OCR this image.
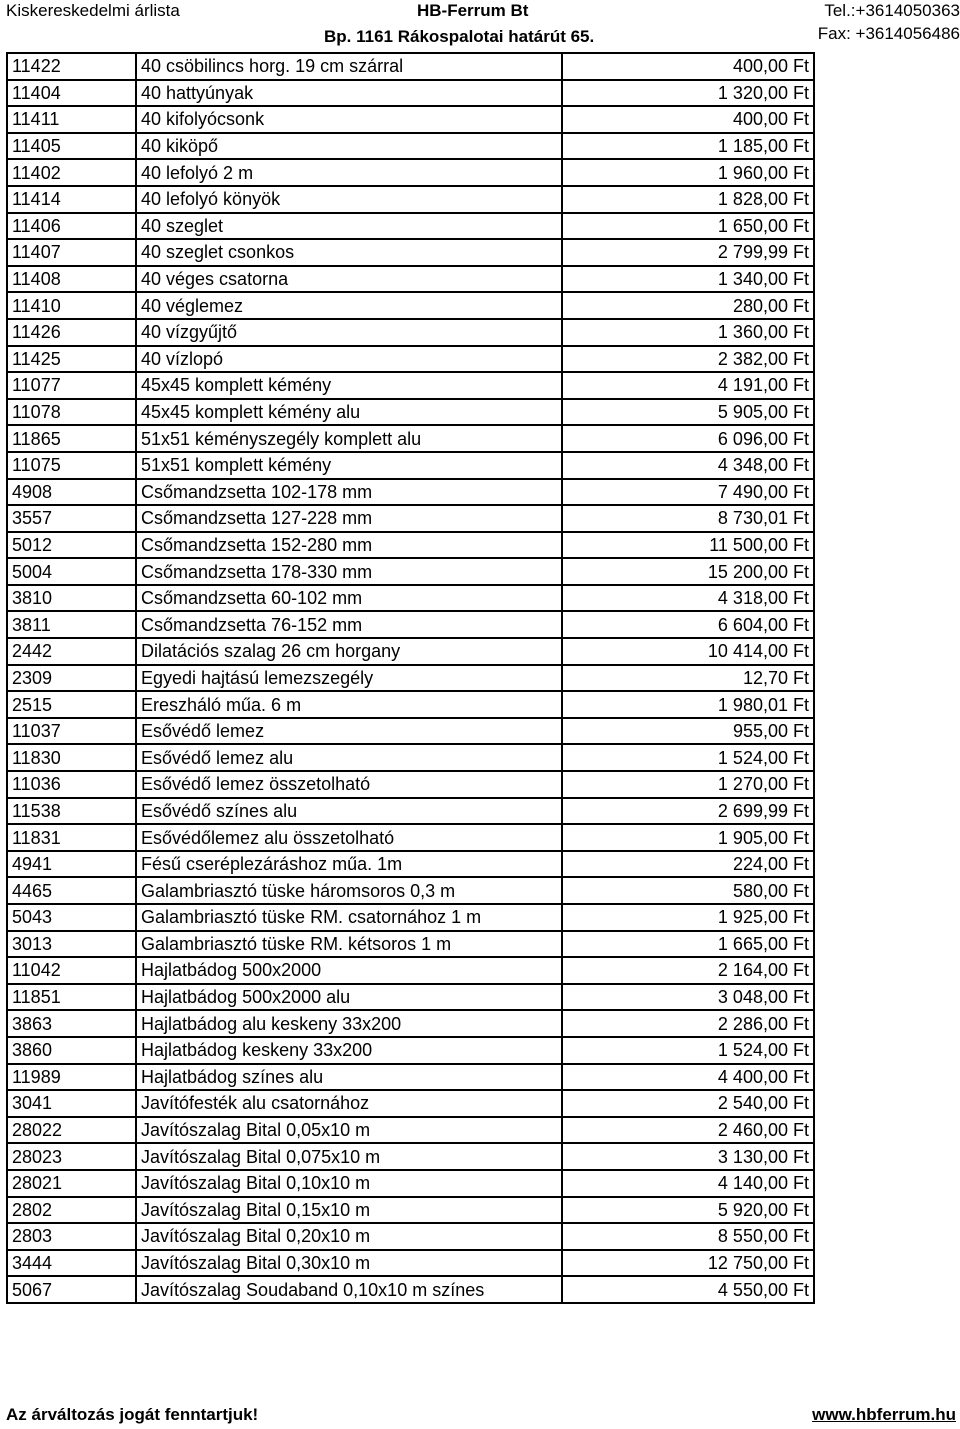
Kiskereskedelmi árlista	HB-Ferrum Bt
Bp. 1161 Rákospalotai határút 65.
Tel.:+3614050363
Fax: +3614056486
11422	40 csöbilincs horg. 19 cm szárral	400,00 Ft
11404	40 hattyúnyak	1 320,00 Ft
11411	40 kifolyócsonk	400,00 Ft
11405	40 kiköpő	1 185,00 Ft
11402	40 lefolyó 2 m	1 960,00 Ft
11414	40 lefolyó könyök	1 828,00 Ft
11406	40 szeglet	1 650,00 Ft
11407	40 szeglet csonkos	2 799,99 Ft
11408	40 véges csatorna	1 340,00 Ft
11410	40 véglemez	280,00 Ft
11426	40 vízgyűjtő	1 360,00 Ft
11425	40 vízlopó	2 382,00 Ft
11077	45x45 komplett kémény	4 191,00 Ft
11078	45x45 komplett kémény alu	5 905,00 Ft
11865	51x51 kéményszegély komplett alu	6 096,00 Ft
11075	51x51 komplett kémény	4 348,00 Ft
4908	Csőmandzsetta 102-178 mm	7 490,00 Ft
3557	Csőmandzsetta 127-228 mm	8 730,01 Ft
5012	Csőmandzsetta 152-280 mm	11 500,00 Ft
5004	Csőmandzsetta 178-330 mm	15 200,00 Ft
3810	Csőmandzsetta 60-102 mm	4 318,00 Ft
3811	Csőmandzsetta 76-152 mm	6 604,00 Ft
2442	Dilatációs szalag 26 cm horgany	10 414,00 Ft
2309	Egyedi hajtású lemezszegély	12,70 Ft
2515	Ereszháló műa. 6 m	1 980,01 Ft
11037	Esővédő lemez	955,00 Ft
11830	Esővédő lemez alu	1 524,00 Ft
11036	Esővédő lemez összetolható	1 270,00 Ft
11538	Esővédő színes alu	2 699,99 Ft
11831	Esővédőlemez alu összetolható	1 905,00 Ft
4941	Fésű cseréplezáráshoz műa. 1m	224,00 Ft
4465	Galambriasztó tüske háromsoros 0,3 m	580,00 Ft
5043	Galambriasztó tüske RM. csatornához 1 m	1 925,00 Ft
3013	Galambriasztó tüske RM. kétsoros 1 m	1 665,00 Ft
11042	Hajlatbádog 500x2000	2 164,00 Ft
11851	Hajlatbádog 500x2000 alu	3 048,00 Ft
3863	Hajlatbádog alu keskeny 33x200	2 286,00 Ft
3860	Hajlatbádog keskeny 33x200	1 524,00 Ft
11989	Hajlatbádog színes alu	4 400,00 Ft
3041	Javítófesték alu csatornához	2 540,00 Ft
28022	Javítószalag Bital 0,05x10 m	2 460,00 Ft
28023	Javítószalag Bital 0,075x10 m	3 130,00 Ft
28021	Javítószalag Bital 0,10x10 m	4 140,00 Ft
2802	Javítószalag Bital 0,15x10 m	5 920,00 Ft
2803	Javítószalag Bital 0,20x10 m	8 550,00 Ft
3444	Javítószalag Bital 0,30x10 m	12 750,00 Ft
5067	Javítószalag Soudaband 0,10x10 m színes	4 550,00 Ft
Az árváltozás jogát fenntartjuk!	www.hbferrum.hu
